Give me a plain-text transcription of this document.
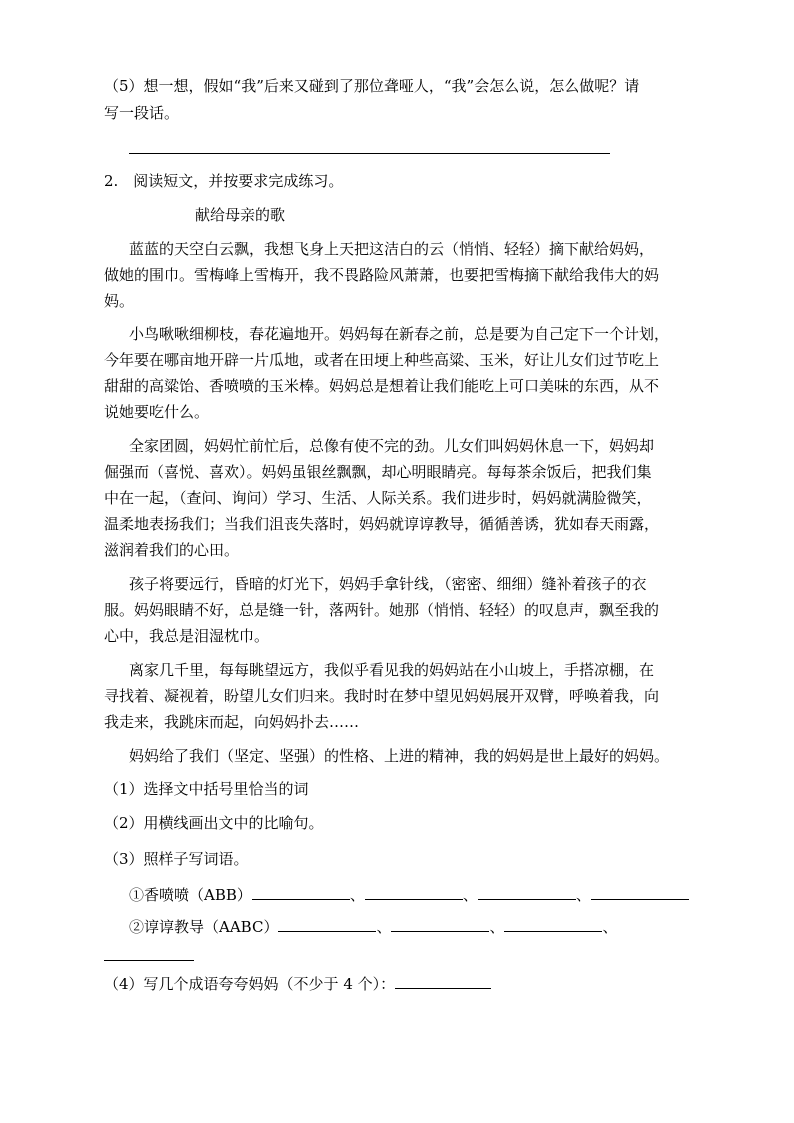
（5）想一想，假如“我”后来又碰到了那位聋哑人，“我”会怎么说，怎么做呢？请
写一段话。
2.　阅读短文，并按要求完成练习。
献给母亲的歌
蓝蓝的天空白云飘，我想飞身上天把这洁白的云（悄悄、轻轻）摘下献给妈妈，
做她的围巾。雪梅峰上雪梅开，我不畏路险风萧萧，也要把雪梅摘下献给我伟大的妈
妈。
小鸟啾啾细柳枝，春花遍地开。妈妈每在新春之前，总是要为自己定下一个计划，
今年要在哪亩地开辟一片瓜地，或者在田埂上种些高粱、玉米，好让儿女们过节吃上
甜甜的高粱饴、香喷喷的玉米棒。妈妈总是想着让我们能吃上可口美味的东西，从不
说她要吃什么。
全家团圆，妈妈忙前忙后，总像有使不完的劲。儿女们叫妈妈休息一下，妈妈却
倔强而（喜悦、喜欢）。妈妈虽银丝飘飘，却心明眼睛亮。每每茶余饭后，把我们集
中在一起，（查问、询问）学习、生活、人际关系。我们进步时，妈妈就满脸微笑，
温柔地表扬我们；当我们沮丧失落时，妈妈就谆谆教导，循循善诱，犹如春天雨露，
滋润着我们的心田。
孩子将要远行，昏暗的灯光下，妈妈手拿针线，（密密、细细）缝补着孩子的衣
服。妈妈眼睛不好，总是缝一针，落两针。她那（悄悄、轻轻）的叹息声，飘至我的
心中，我总是泪湿枕巾。
离家几千里，每每眺望远方，我似乎看见我的妈妈站在小山坡上，手搭凉棚，在
寻找着、凝视着，盼望儿女们归来。我时时在梦中望见妈妈展开双臂，呼唤着我，向
我走来，我跳床而起，向妈妈扑去……
妈妈给了我们（坚定、坚强）的性格、上进的精神，我的妈妈是世上最好的妈妈。
（1）选择文中括号里恰当的词
（2）用横线画出文中的比喻句。
（3）照样子写词语。
①香喷喷（ABB）	、	、	、
②谆谆教导（AABC）	、	、	、
（4）写几个成语夸夸妈妈（不少于 4 个）：
